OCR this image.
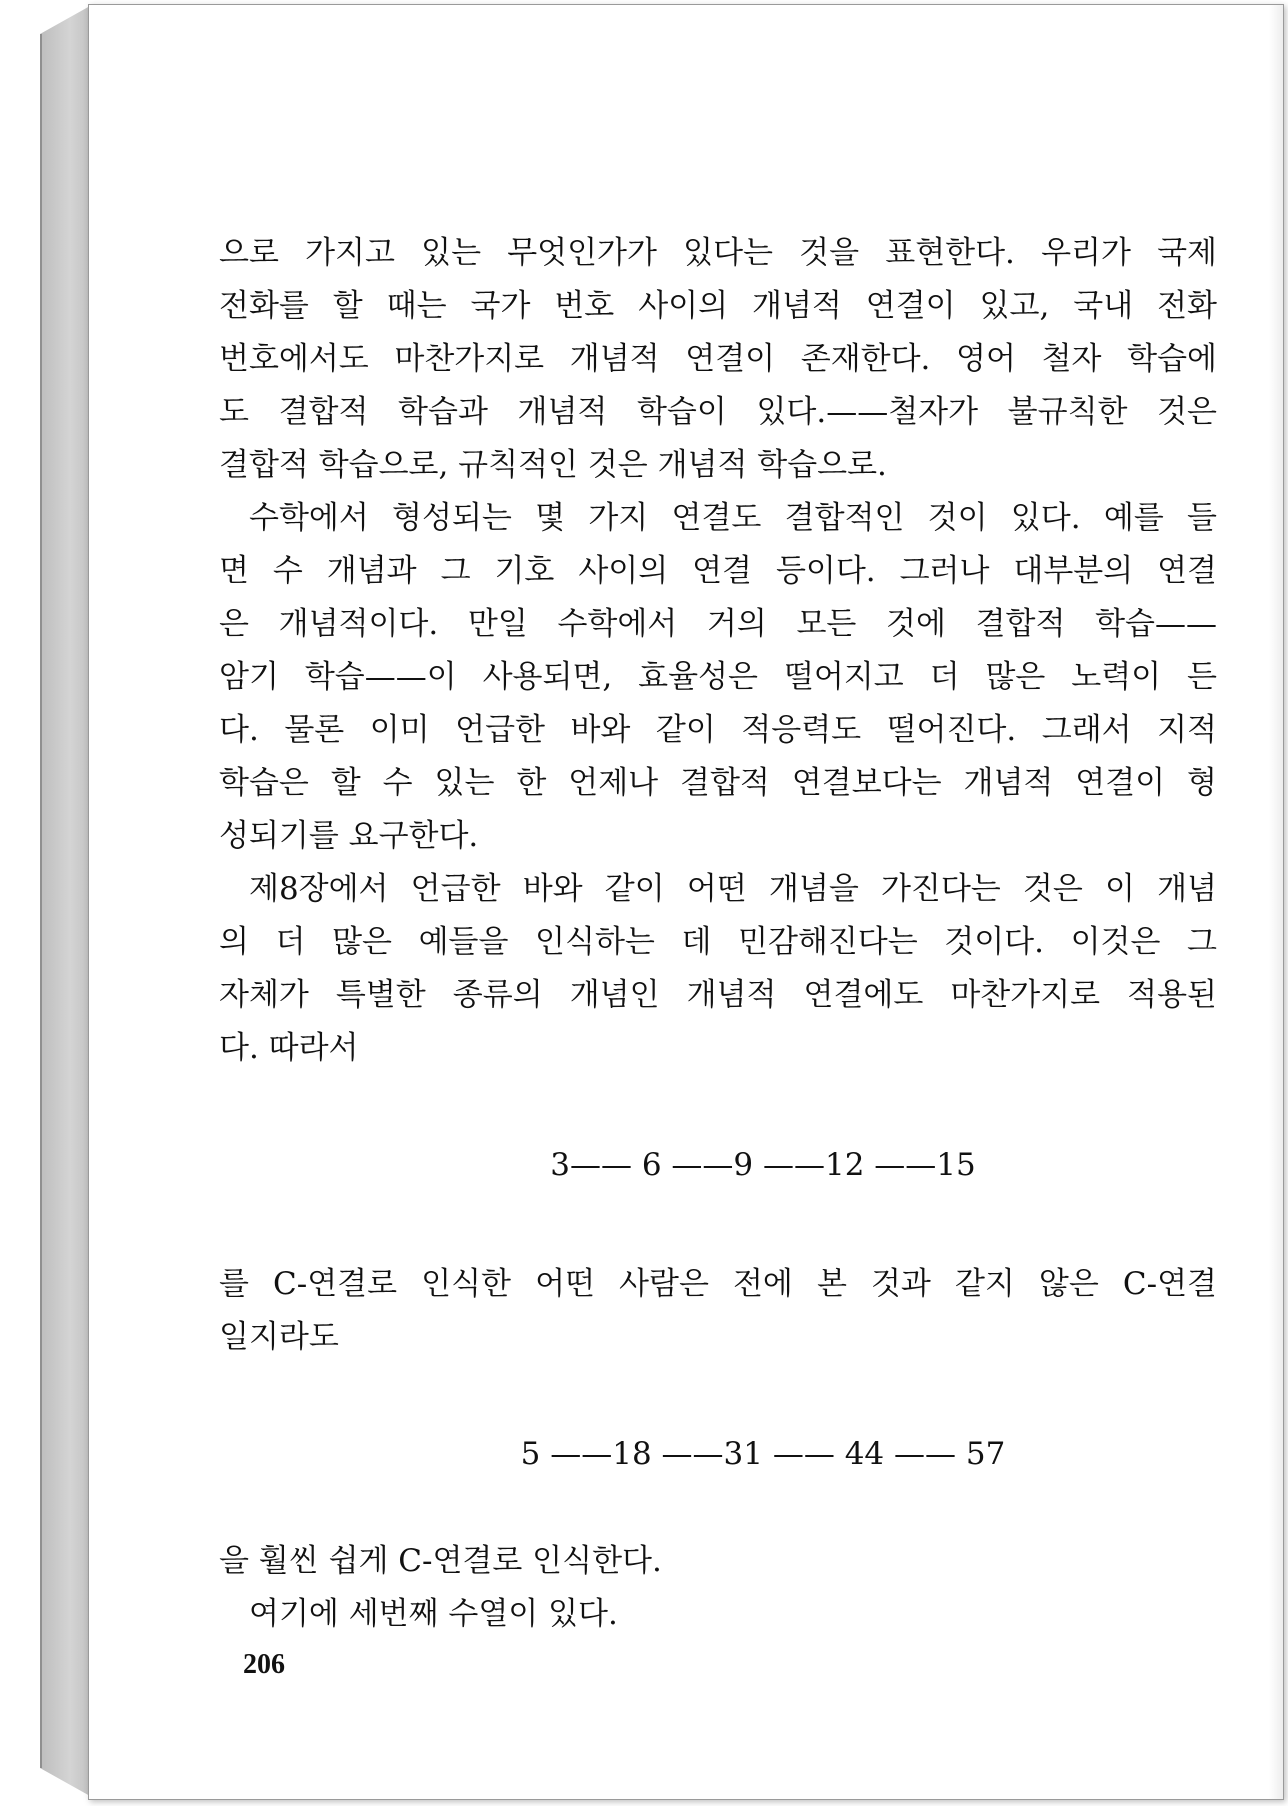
으로 가지고 있는 무엇인가가 있다는 것을 표현한다. 우리가 국제
전화를 할 때는 국가 번호 사이의 개념적 연결이 있고, 국내 전화
번호에서도 마찬가지로 개념적 연결이 존재한다. 영어 철자 학습에
도 결합적 학습과 개념적 학습이 있다.——철자가 불규칙한 것은
결합적 학습으로, 규칙적인 것은 개념적 학습으로.
수학에서 형성되는 몇 가지 연결도 결합적인 것이 있다. 예를 들
면 수 개념과 그 기호 사이의 연결 등이다. 그러나 대부분의 연결
은 개념적이다. 만일 수학에서 거의 모든 것에 결합적 학습——
암기 학습——이 사용되면, 효율성은 떨어지고 더 많은 노력이 든
다. 물론 이미 언급한 바와 같이 적응력도 떨어진다. 그래서 지적
학습은 할 수 있는 한 언제나 결합적 연결보다는 개념적 연결이 형
성되기를 요구한다.
제8장에서 언급한 바와 같이 어떤 개념을 가진다는 것은 이 개념
의 더 많은 예들을 인식하는 데 민감해진다는 것이다. 이것은 그
자체가 특별한 종류의 개념인 개념적 연결에도 마찬가지로 적용된
다. 따라서
3—— 6 ——9 ——12 ——15
를 C-연결로 인식한 어떤 사람은 전에 본 것과 같지 않은 C-연결
일지라도
5 ——18 ——31 —— 44 —— 57
을 훨씬 쉽게 C-연결로 인식한다.
여기에 세번째 수열이 있다.
206
